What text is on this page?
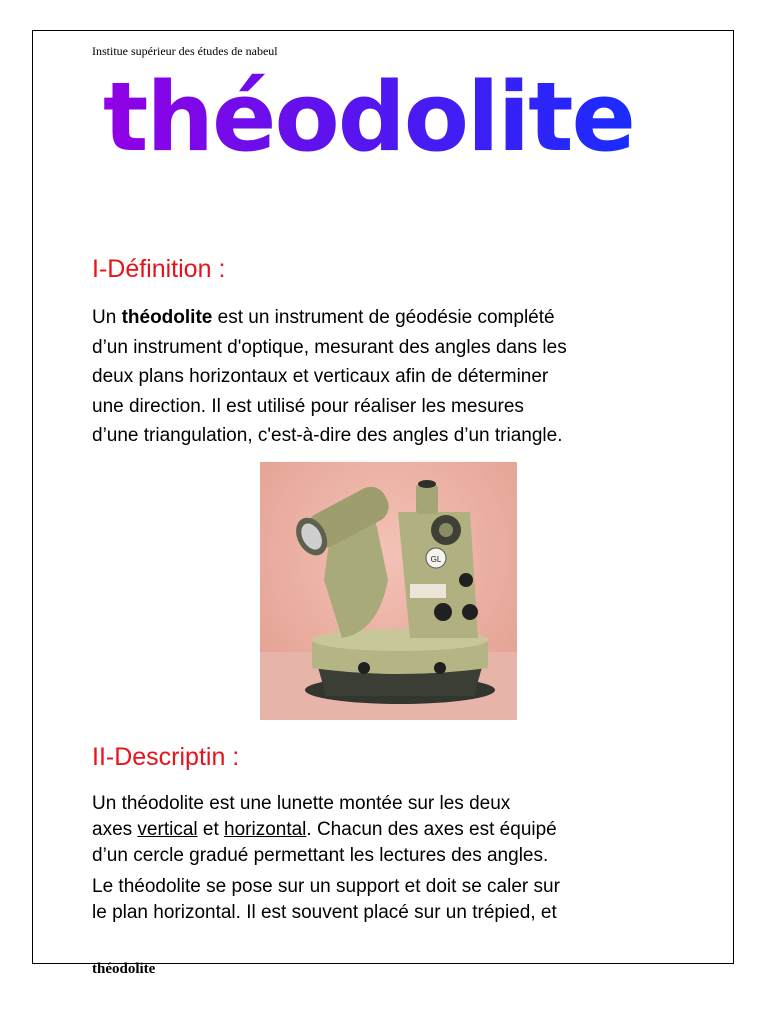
Institue supérieur des études de nabeul
théodolite
I-Définition :

Un théodolite est un instrument de géodésie complété
d’un instrument d'optique, mesurant des angles dans les
deux plans horizontaux et verticaux afin de déterminer
une direction. Il est utilisé pour réaliser les mesures
d’une triangulation, c'est-à-dire des angles d’un triangle.

GL
II-Descriptin :

Un théodolite est une lunette montée sur les deux
axes vertical et horizontal. Chacun des axes est équipé
d’un cercle gradué permettant les lectures des angles.

Le théodolite se pose sur un support et doit se caler sur
le plan horizontal. Il est souvent placé sur un trépied, et

théodolite
